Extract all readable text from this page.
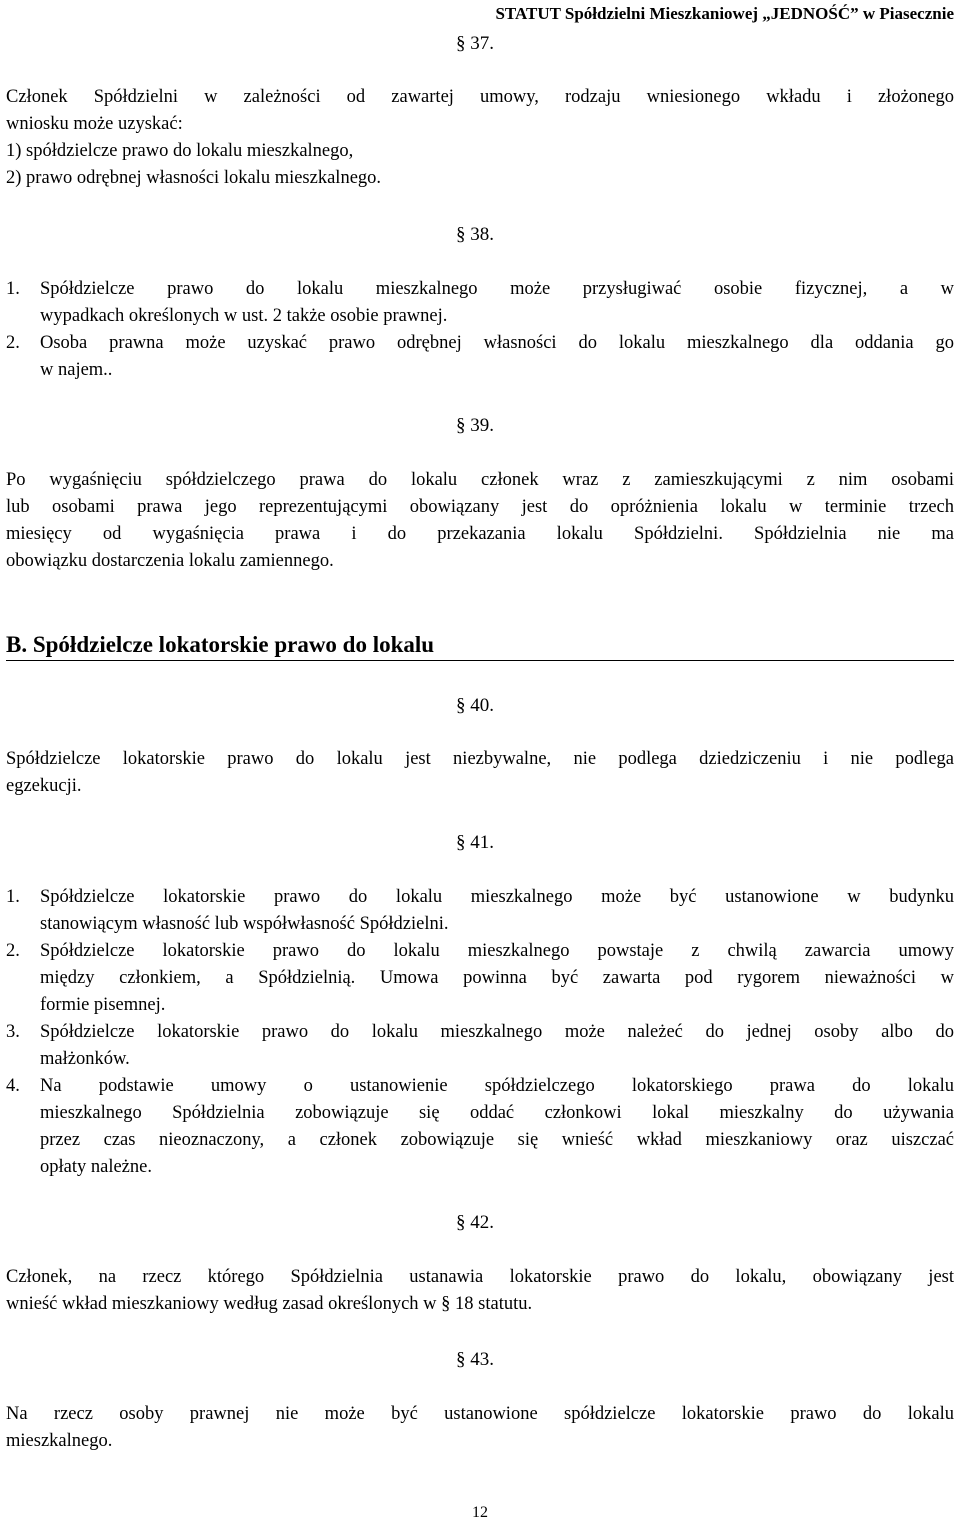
STATUT Spółdzielni Mieszkaniowej „JEDNOŚĆ” w Piasecznie
§ 37.
Członek Spółdzielni w zależności od zawartej umowy, rodzaju wniesionego wkładu i złożonego
wniosku może uzyskać:
1) spółdzielcze prawo do lokalu mieszkalnego,
2) prawo odrębnej własności lokalu mieszkalnego.
§ 38.
1. Spółdzielcze prawo do lokalu mieszkalnego może przysługiwać osobie fizycznej, a w
wypadkach określonych w ust. 2 także osobie prawnej.
2. Osoba prawna może uzyskać prawo odrębnej własności do lokalu mieszkalnego dla oddania go
w najem..
§ 39.
Po wygaśnięciu spółdzielczego prawa do lokalu członek wraz z zamieszkującymi z nim osobami
lub osobami prawa jego reprezentującymi obowiązany jest do opróżnienia lokalu w terminie trzech
miesięcy od wygaśnięcia prawa i do przekazania lokalu Spółdzielni. Spółdzielnia nie ma
obowiązku dostarczenia lokalu zamiennego.
B. Spółdzielcze lokatorskie prawo do lokalu
§ 40.
Spółdzielcze lokatorskie prawo do lokalu jest niezbywalne, nie podlega dziedziczeniu i nie podlega
egzekucji.
§ 41.
1. Spółdzielcze lokatorskie prawo do lokalu mieszkalnego może być ustanowione w budynku
stanowiącym własność lub współwłasność Spółdzielni.
2. Spółdzielcze lokatorskie prawo do lokalu mieszkalnego powstaje z chwilą zawarcia umowy
między członkiem, a Spółdzielnią. Umowa powinna być zawarta pod rygorem nieważności w
formie pisemnej.
3. Spółdzielcze lokatorskie prawo do lokalu mieszkalnego może należeć do jednej osoby albo do
małżonków.
4. Na podstawie umowy o ustanowienie spółdzielczego lokatorskiego prawa do lokalu
mieszkalnego Spółdzielnia zobowiązuje się oddać członkowi lokal mieszkalny do używania
przez czas nieoznaczony, a członek zobowiązuje się wnieść wkład mieszkaniowy oraz uiszczać
opłaty należne.
§ 42.
Członek, na rzecz którego Spółdzielnia ustanawia lokatorskie prawo do lokalu, obowiązany jest
wnieść wkład mieszkaniowy według zasad określonych w § 18 statutu.
§ 43.
Na rzecz osoby prawnej nie może być ustanowione spółdzielcze lokatorskie prawo do lokalu
mieszkalnego.
12
